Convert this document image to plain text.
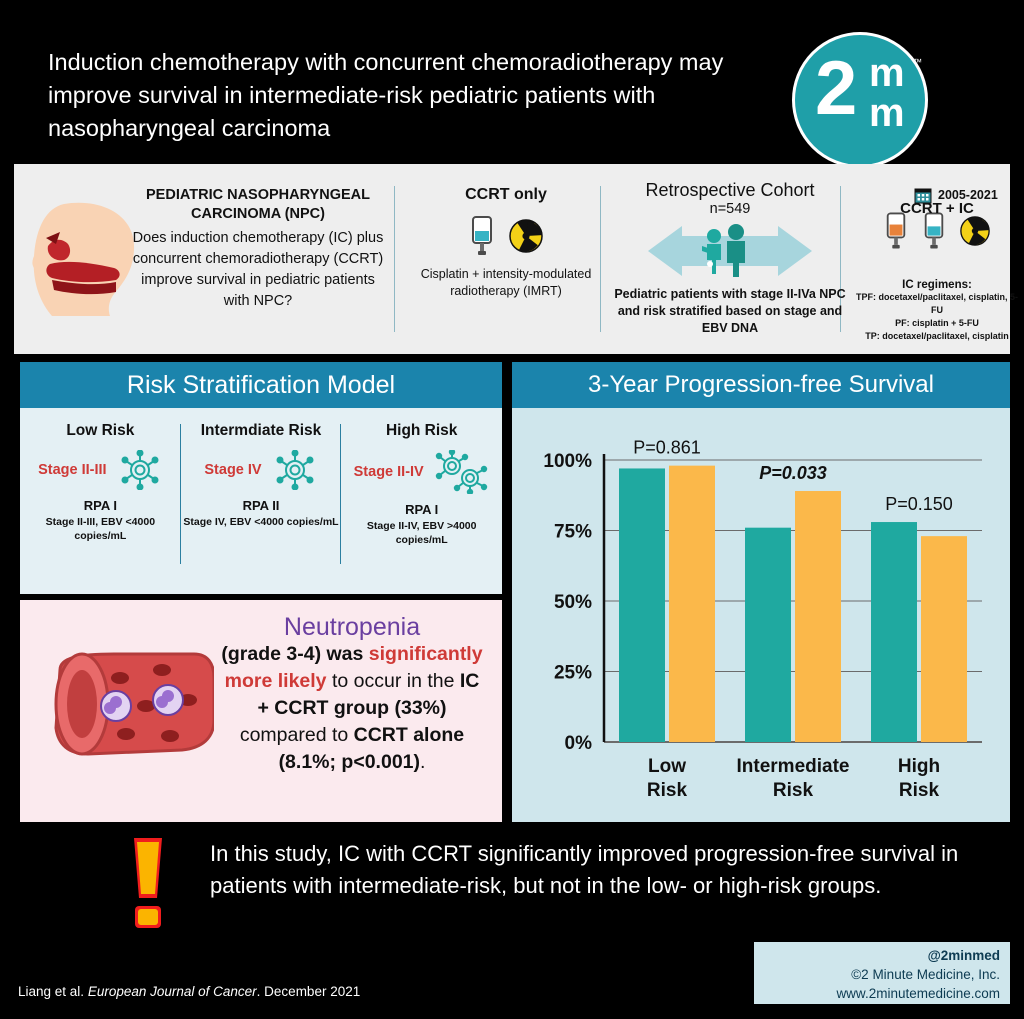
Induction chemotherapy with concurrent chemoradiotherapy may improve survival in intermediate-risk pediatric patients with nasopharyngeal carcinoma	2 m
m
™
PEDIATRIC NASOPHARYNGEAL CARCINOMA (NPC)
Does induction chemotherapy (IC) plus concurrent chemoradiotherapy (CCRT) improve survival in pediatric patients with NPC?
CCRT only
Cisplatin + intensity-modulated radiotherapy (IMRT)
Retrospective Cohort
n=549
Pediatric patients with stage II-IVa NPC and risk stratified based on stage and EBV DNA
2005-2021
CCRT + IC
IC regimens:
TPF: docetaxel/paclitaxel, cisplatin, 5-FU
PF: cisplatin + 5-FU
TP: docetaxel/paclitaxel, cisplatin
Risk Stratification Model
Low Risk
Stage II-III
RPA I
Stage II-III, EBV <4000 copies/mL
Intermdiate Risk
Stage IV
RPA II
Stage IV, EBV <4000 copies/mL
High Risk
Stage II-IV
RPA I
Stage II-IV, EBV >4000 copies/mL
Neutropenia
(grade 3-4) was significantly more likely to occur in the IC + CCRT group (33%) compared to CCRT alone (8.1%; p<0.001).
3-Year Progression-free Survival
0%
25%
50%
75%
100%
P=0.861
Low
Risk
P=0.033
Intermediate
Risk
P=0.150
High
Risk
In this study, IC with CCRT significantly improved progression-free survival in patients with intermediate-risk, but not in the low- or high-risk groups.
Liang et al. European Journal of Cancer. December 2021
@2minmed
©2 Minute Medicine, Inc.
www.2minutemedicine.com
